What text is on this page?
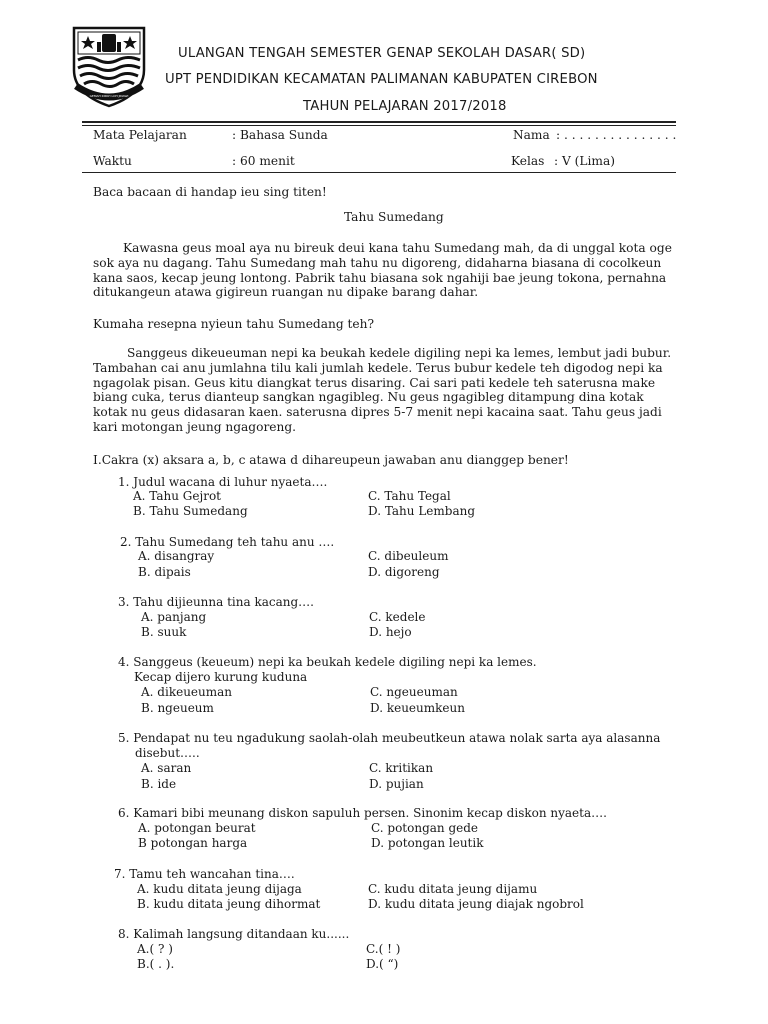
GEMAH RIPAH LOH JINAWI
ULANGAN TENGAH SEMESTER GENAP SEKOLAH DASAR( SD)
UPT PENDIDIKAN KECAMATAN PALIMANAN KABUPATEN CIREBON
TAHUN PELAJARAN 2017/2018
Mata Pelajaran	: Bahasa Sunda	Nama : . . . . . . . . . . . . . . .
Waktu	: 60 menit	Kelas : V (Lima)
Baca bacaan di handap ieu sing titen!
Tahu Sumedang
Kawasna geus moal aya nu bireuk deui kana tahu Sumedang mah, da di unggal kota oge
sok aya nu dagang. Tahu Sumedang mah tahu nu digoreng, didaharna biasana di cocolkeun
kana saos, kecap jeung lontong. Pabrik tahu biasana sok ngahiji bae jeung tokona, pernahna
ditukangeun atawa gigireun ruangan nu dipake barang dahar.
Kumaha resepna nyieun tahu Sumedang teh?
Sanggeus dikeueuman nepi ka beukah kedele digiling nepi ka lemes, lembut jadi bubur.
Tambahan cai anu jumlahna tilu kali jumlah kedele. Terus bubur kedele teh digodog nepi ka
ngagolak pisan. Geus kitu diangkat terus disaring. Cai sari pati kedele teh saterusna make
biang cuka, terus dianteup sangkan ngagibleg. Nu geus ngagibleg ditampung dina kotak
kotak nu geus didasaran kaen. saterusna dipres 5-7 menit nepi kacaina saat. Tahu geus jadi
kari motongan jeung ngagoreng.
I.Cakra (x) aksara a, b, c atawa d dihareupeun jawaban anu dianggep bener!
1. Judul wacana di luhur nyaeta….
A. Tahu Gejrot	C. Tahu Tegal
B. Tahu Sumedang	D. Tahu Lembang
2. Tahu Sumedang teh tahu anu ….
A. disangray	C. dibeuleum
B. dipais	D. digoreng
3. Tahu dijieunna tina kacang….
A. panjang	C. kedele
B. suuk	D. hejo
4. Sanggeus (keueum) nepi ka beukah kedele digiling nepi ka lemes.
Kecap dijero kurung kuduna
A. dikeueuman	C. ngeueuman
B. ngeueum	D. keueumkeun
5. Pendapat nu teu ngadukung saolah-olah meubeutkeun atawa nolak sarta aya alasanna
disebut…..
A. saran	C. kritikan
B. ide	D. pujian
6. Kamari bibi meunang diskon sapuluh persen. Sinonim kecap diskon nyaeta….
A. potongan beurat	C. potongan gede
B potongan harga	D. potongan leutik
7. Tamu teh wancahan tina….
A. kudu ditata jeung dijaga	C. kudu ditata jeung dijamu
B. kudu ditata jeung dihormat	D. kudu ditata jeung diajak ngobrol
8. Kalimah langsung ditandaan ku......
A.( ? )	C.( ! )
B.( . ).	D.( “)
